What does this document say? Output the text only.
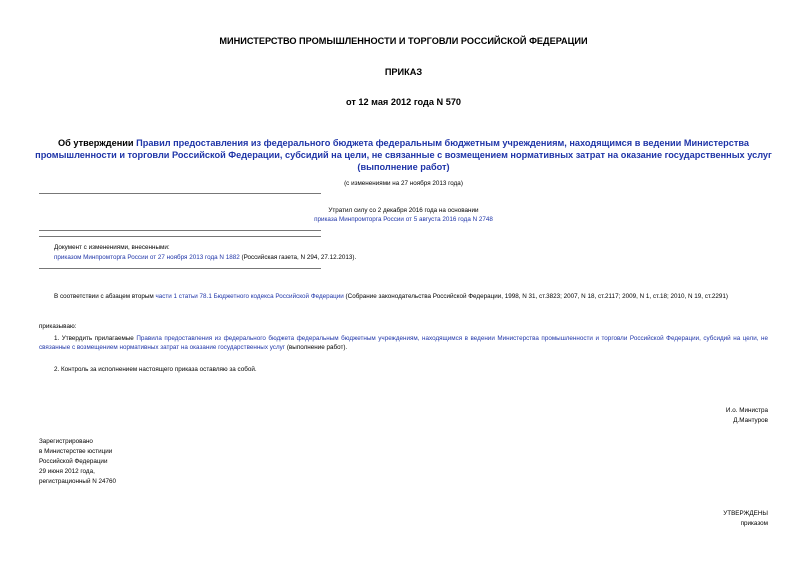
МИНИСТЕРСТВО ПРОМЫШЛЕННОСТИ И ТОРГОВЛИ РОССИЙСКОЙ ФЕДЕРАЦИИ
ПРИКАЗ
от 12 мая 2012 года N 570
Об утверждении Правил предоставления из федерального бюджета федеральным бюджетным учреждениям, находящимся в ведении Министерства
промышленности и торговли Российской Федерации, субсидий на цели, не связанные с возмещением нормативных затрат на оказание государственных услуг
(выполнение работ)
(с изменениями на 27 ноября 2013 года)
Утратил силу со 2 декабря 2016 года на основании
приказа Минпромторга России от 5 августа 2016 года N 2748
Документ с изменениями, внесенными:
приказом Минпромторга России от 27 ноября 2013 года N 1882 (Российская газета, N 294, 27.12.2013).
В соответствии с абзацем вторым части 1 статьи 78.1 Бюджетного кодекса Российской Федерации (Собрание законодательства Российской Федерации, 1998, N 31, ст.3823; 2007, N 18, ст.2117; 2009, N 1, ст.18; 2010, N 19, ст.2291)
приказываю:
1. Утвердить прилагаемые Правила предоставления из федерального бюджета федеральным бюджетным учреждениям, находящимся в ведении Министерства промышленности и торговли Российской Федерации, субсидий на цели, не связанные с возмещением нормативных затрат на оказание государственных услуг (выполнение работ).
2. Контроль за исполнением настоящего приказа оставляю за собой.
И.о. Министра
Д.Мантуров
Зарегистрировано
в Министерстве юстиции
Российской Федерации
29 июня 2012 года,
регистрационный N 24760
УТВЕРЖДЕНЫ
приказом
